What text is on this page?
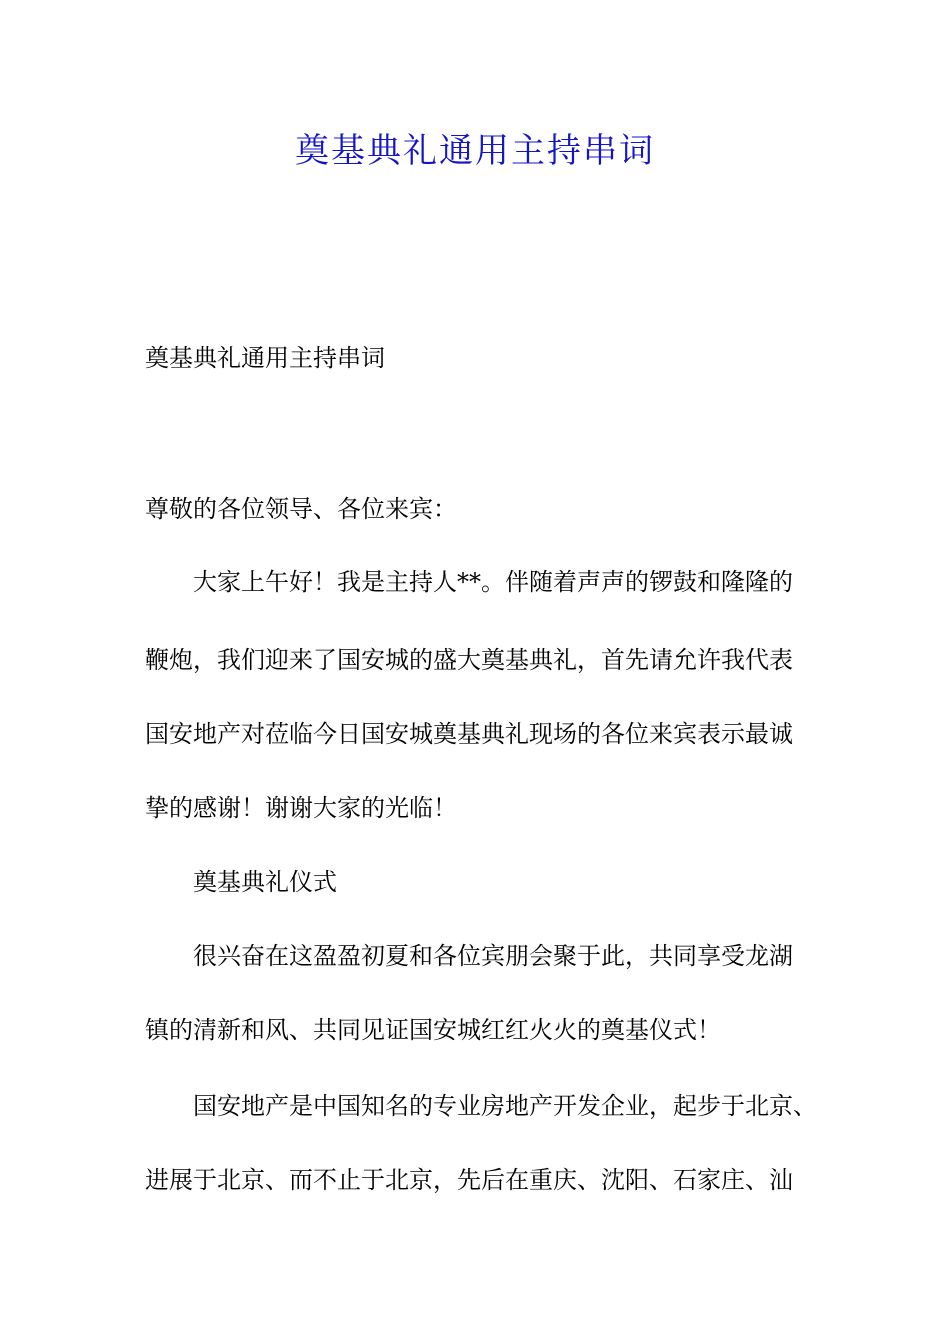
奠基典礼通用主持串词

奠基典礼通用主持串词

尊敬的各位领导、各位来宾：

大家上午好！我是主持人**。伴随着声声的锣鼓和隆隆的

鞭炮，我们迎来了国安城的盛大奠基典礼，首先请允许我代表

国安地产对莅临今日国安城奠基典礼现场的各位来宾表示最诚

挚的感谢！谢谢大家的光临！

奠基典礼仪式

很兴奋在这盈盈初夏和各位宾朋会聚于此，共同享受龙湖

镇的清新和风、共同见证国安城红红火火的奠基仪式！

国安地产是中国知名的专业房地产开发企业，起步于北京、

进展于北京、而不止于北京，先后在重庆、沈阳、石家庄、汕
